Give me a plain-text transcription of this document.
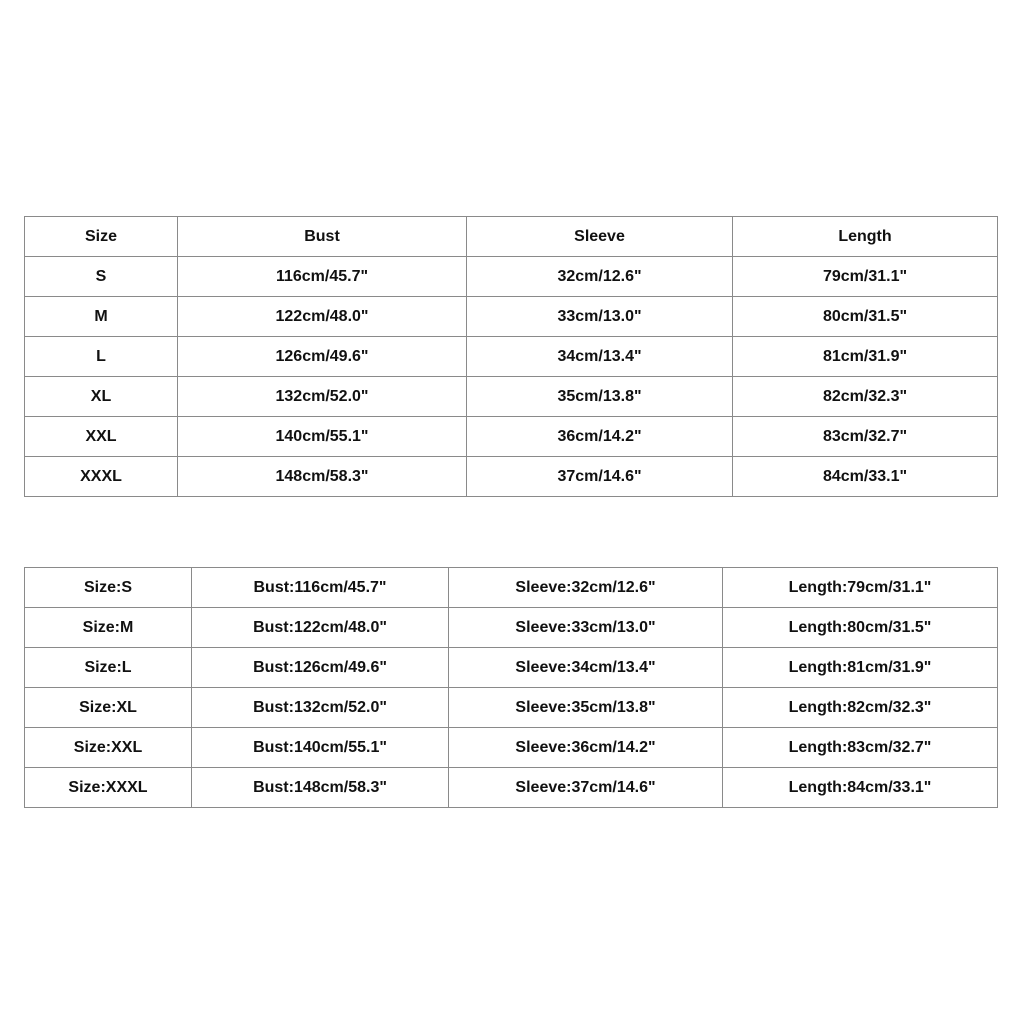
Size	Bust	Sleeve	Length
S	116cm/45.7"	32cm/12.6"	79cm/31.1"
M	122cm/48.0"	33cm/13.0"	80cm/31.5"
L	126cm/49.6"	34cm/13.4"	81cm/31.9"
XL	132cm/52.0"	35cm/13.8"	82cm/32.3"
XXL	140cm/55.1"	36cm/14.2"	83cm/32.7"
XXXL	148cm/58.3"	37cm/14.6"	84cm/33.1"
Size:S	Bust:116cm/45.7"	Sleeve:32cm/12.6"	Length:79cm/31.1"
Size:M	Bust:122cm/48.0"	Sleeve:33cm/13.0"	Length:80cm/31.5"
Size:L	Bust:126cm/49.6"	Sleeve:34cm/13.4"	Length:81cm/31.9"
Size:XL	Bust:132cm/52.0"	Sleeve:35cm/13.8"	Length:82cm/32.3"
Size:XXL	Bust:140cm/55.1"	Sleeve:36cm/14.2"	Length:83cm/32.7"
Size:XXXL	Bust:148cm/58.3"	Sleeve:37cm/14.6"	Length:84cm/33.1"
